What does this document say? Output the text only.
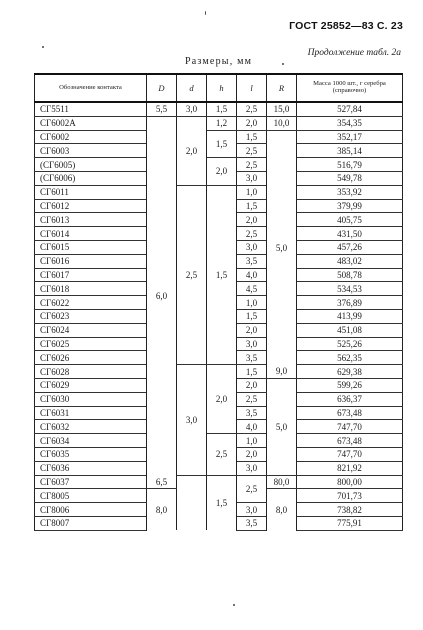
ГОСТ 25852—83 С. 23
Продолжение табл. 2а
Размеры, мм
Обозначение контакта	D	d	h	l	R	Масса 1000 шт., г серебра (справочно)
СГ5511	5,5	3,0	1,5	2,5	15,0	527,84
СГ6002А	6,0	2,0	1,2	2,0	10,0	354,35
СГ6002			1,5	1,5	5,0	352,17
СГ6003				2,5		385,14
(СГ6005)			2,0	2,5		516,79
(СГ6006)				3,0		549,78
СГ6011		2,5	1,5	1,0		353,92
СГ6012				1,5		379,99
СГ6013				2,0		405,75
СГ6014				2,5		431,50
СГ6015				3,0		457,26
СГ6016				3,5		483,02
СГ6017				4,0		508,78
СГ6018				4,5		534,53
СГ6022				1,0		376,89
СГ6023				1,5		413,99
СГ6024				2,0		451,08
СГ6025				3,0		525,26
СГ6026				3,5		562,35
СГ6028		3,0	2,0	1,5	9,0	629,38
СГ6029				2,0	5,0	599,26
СГ6030				2,5		636,37
СГ6031				3,5		673,48
СГ6032				4,0		747,70
СГ6034			2,5	1,0		673,48
СГ6035				2,0		747,70
СГ6036				3,0		821,92
СГ6037	6,5		1,5	2,5	80,0	800,00
СГ8005	8,0				8,0	701,73
СГ8006				3,0		738,82
СГ8007				3,5		775,91
